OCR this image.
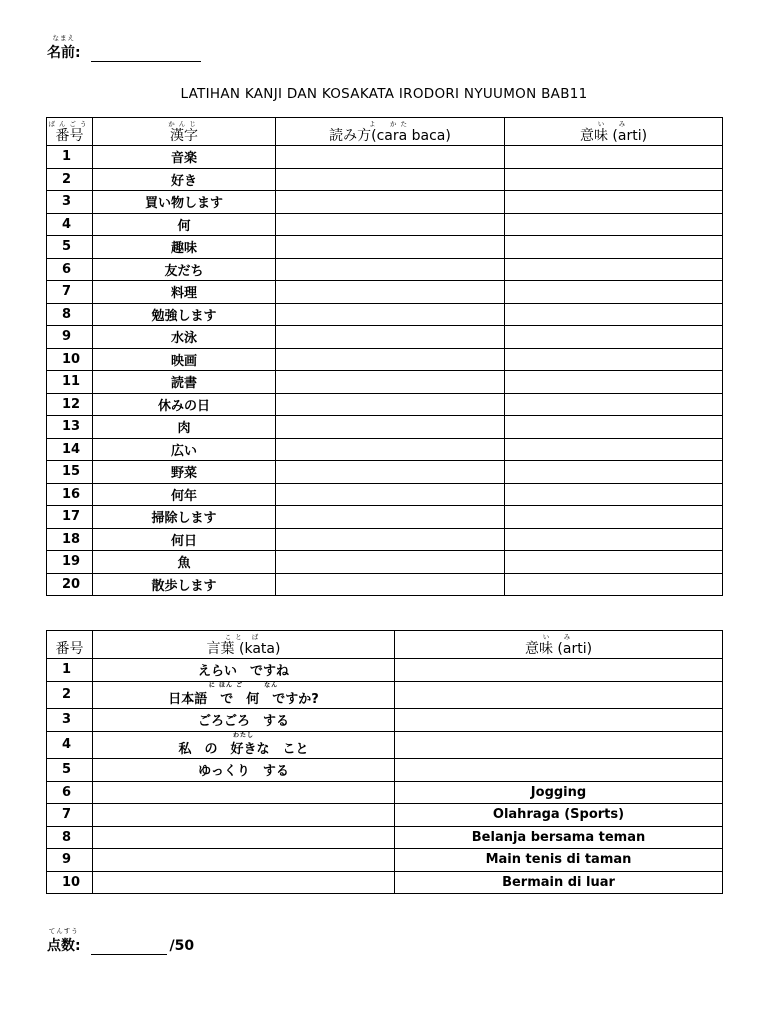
なまえ
名前:
LATIHAN KANJI DAN KOSAKATA IRODORI NYUUMON BAB11
ばんごう
番号	かんじ
漢字	よ　かた
読み方(cara baca)	い　み
意味 (arti)
1	音楽		
2	好き		
3	買い物します		
4	何		
5	趣味		
6	友だち		
7	料理		
8	勉強します		
9	水泳		
10	映画		
11	読書		
12	休みの日		
13	肉		
14	広い		
15	野菜		
16	何年		
17	掃除します		
18	何日		
19	魚		
20	散歩します		
番号	こと ば
言葉 (kata)	い　み
意味 (arti)
1	えらい　ですね	
2	に ほん ご　　　なん
日本語　で　何　ですか?	
3	ごろごろ　する	
4	わたし
私　の　好きな　こと	
5	ゆっくり　する	
6		Jogging
7		Olahraga (Sports)
8		Belanja bersama teman
9		Main tenis di taman
10		Bermain di luar
てんすう
点数:	/50
